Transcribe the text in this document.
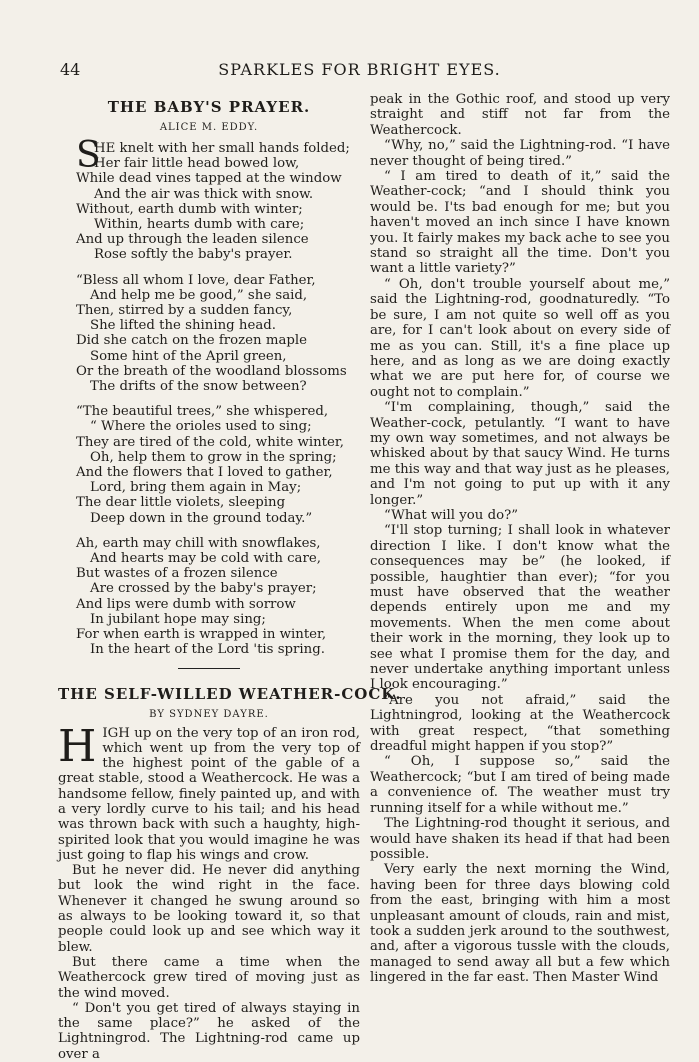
44	SPARKLES FOR BRIGHT EYES.
THE BABY'S PRAYER.
ALICE M. EDDY.
S
HE knelt with her small hands folded;
Her fair little head bowed low,
While dead vines tapped at the window
And the air was thick with snow.
Without, earth dumb with winter;
Within, hearts dumb with care;
And up through the leaden silence
Rose softly the baby's prayer.
“Bless all whom I love, dear Father,
And help me be good,” she said,
Then, stirred by a sudden fancy,
She lifted the shining head.
Did she catch on the frozen maple
Some hint of the April green,
Or the breath of the woodland blossoms
The drifts of the snow between?
“The beautiful trees,” she whispered,
“ Where the orioles used to sing;
They are tired of the cold, white winter,
Oh, help them to grow in the spring;
And the flowers that I loved to gather,
Lord, bring them again in May;
The dear little violets, sleeping
Deep down in the ground today.”
Ah, earth may chill with snowflakes,
And hearts may be cold with care,
But wastes of a frozen silence
Are crossed by the baby's prayer;
And lips were dumb with sorrow
In jubilant hope may sing;
For when earth is wrapped in winter,
In the heart of the Lord 'tis spring.
THE SELF-WILLED WEATHER-COCK.
BY SYDNEY DAYRE.

HIGH up on the very top of an iron rod, which went up from the very top of the highest point of the gable of a great stable, stood a Weathercock. He was a handsome fellow, finely painted up, and with a very lordly curve to his tail; and his head was thrown back with such a haughty, high-spirited look that you would imagine he was just going to flap his wings and crow.

But he never did. He never did anything but look the wind right in the face. Whenever it changed he swung around so as always to be looking toward it, so that people could look up and see which way it blew.

But there came a time when the Weathercock grew tired of moving just as the wind moved.

“ Don't you get tired of always staying in the same place?” he asked of the Lightningrod. The Lightning-rod came up over a

peak in the Gothic roof, and stood up very straight and stiff not far from the Weathercock.

“Why, no,” said the Lightning-rod. “I have never thought of being tired.”

“ I am tired to death of it,” said the Weather-cock; “and I should think you would be. I'ts bad enough for me; but you haven't moved an inch since I have known you. It fairly makes my back ache to see you stand so straight all the time. Don't you want a little variety?”

“ Oh, don't trouble yourself about me,” said the Lightning-rod, goodnaturedly. “To be sure, I am not quite so well off as you are, for I can't look about on every side of me as you can. Still, it's a fine place up here, and as long as we are doing exactly what we are put here for, of course we ought not to complain.”

“I'm complaining, though,” said the Weather-cock, petulantly. “I want to have my own way sometimes, and not always be whisked about by that saucy Wind. He turns me this way and that way just as he pleases, and I'm not going to put up with it any longer.”

“What will you do?”

“I'll stop turning; I shall look in whatever direction I like. I don't know what the consequences may be” (he looked, if possible, haughtier than ever); “for you must have observed that the weather depends entirely upon me and my movements. When the men come about their work in the morning, they look up to see what I promise them for the day, and never undertake anything important unless I look encouraging.”

“Are you not afraid,” said the Lightningrod, looking at the Weathercock with great respect, “that something dreadful might happen if you stop?”

“ Oh, I suppose so,” said the Weathercock; “but I am tired of being made a convenience of. The weather must try running itself for a while without me.”

The Lightning-rod thought it serious, and would have shaken its head if that had been possible.

Very early the next morning the Wind, having been for three days blowing cold from the east, bringing with him a most unpleasant amount of clouds, rain and mist, took a sudden jerk around to the southwest, and, after a vigorous tussle with the clouds, managed to send away all but a few which lingered in the far east. Then Master Wind
